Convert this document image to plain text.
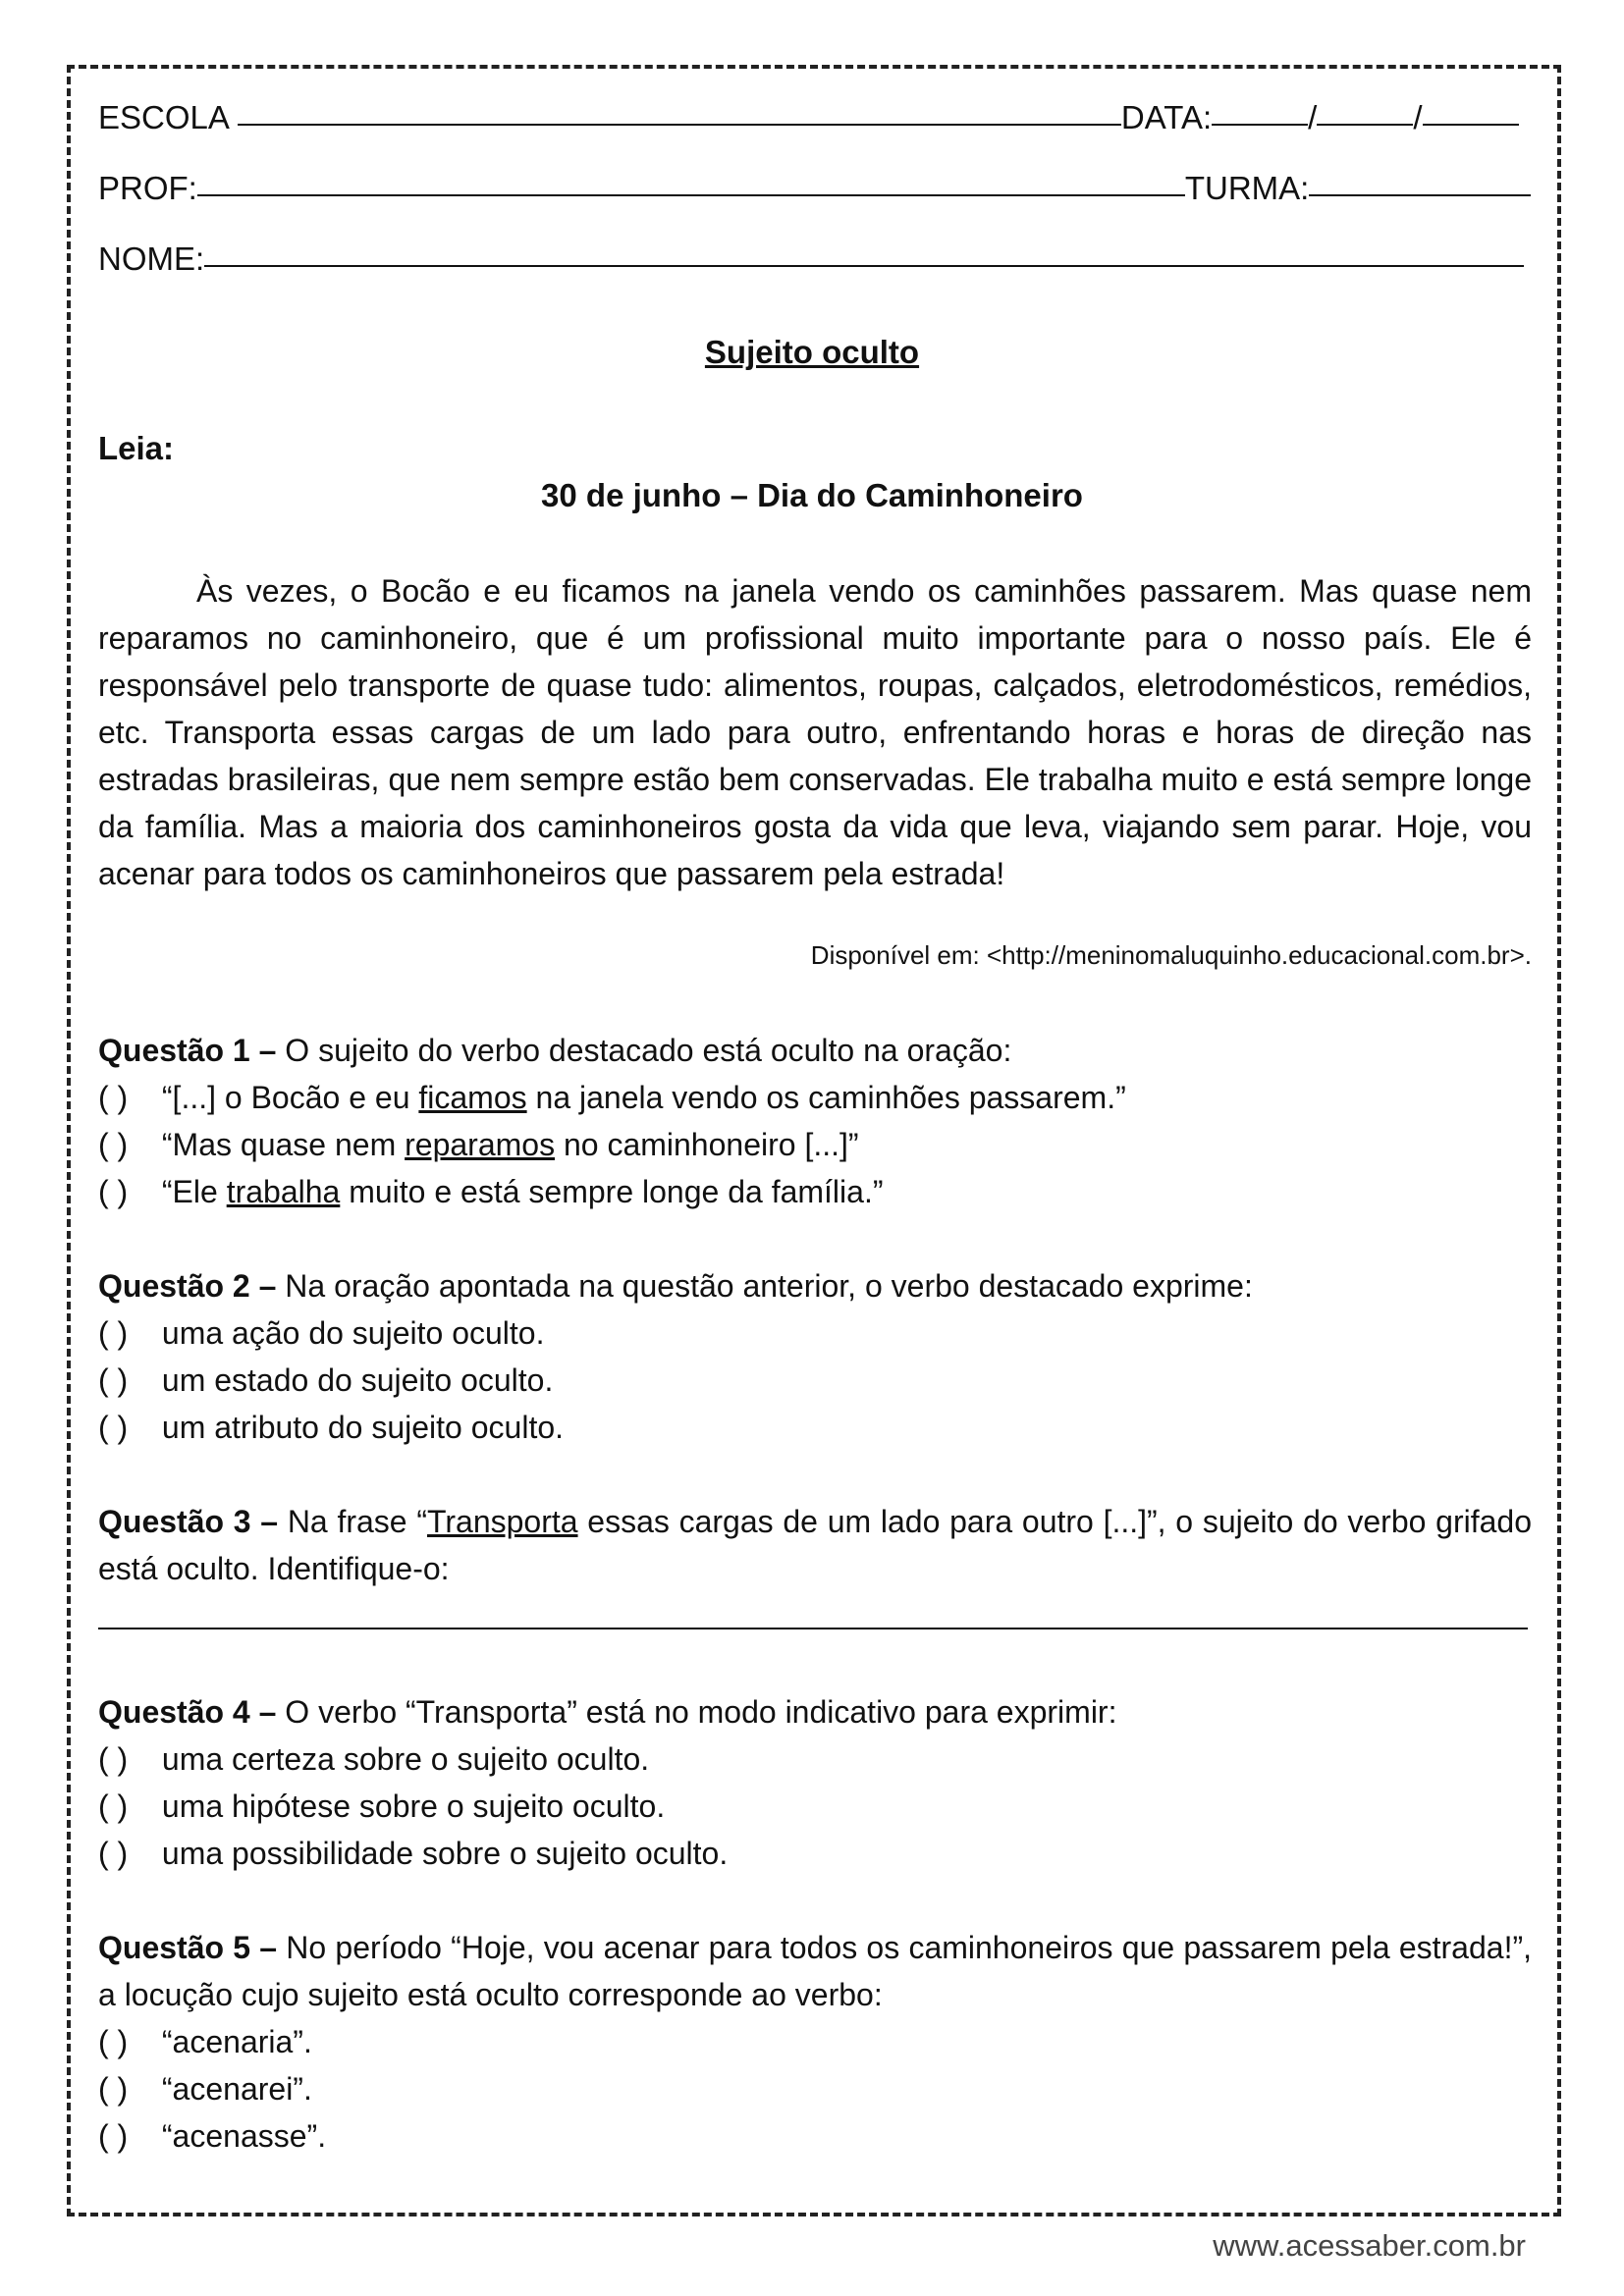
ESCOLA	DATA:	/	/
PROF:	TURMA:
NOME:
Sujeito oculto
Leia:
30 de junho – Dia do Caminhoneiro
Às vezes, o Bocão e eu ficamos na janela vendo os caminhões passarem. Mas quase nem reparamos no caminhoneiro, que é um profissional muito importante para o nosso país. Ele é responsável pelo transporte de quase tudo: alimentos, roupas, calçados, eletrodomésticos, remédios, etc. Transporta essas cargas de um lado para outro, enfrentando horas e horas de direção nas estradas brasileiras, que nem sempre estão bem conservadas. Ele trabalha muito e está sempre longe da família. Mas a maioria dos caminhoneiros gosta da vida que leva, viajando sem parar. Hoje, vou acenar para todos os caminhoneiros que passarem pela estrada!
Disponível em: <http://meninomaluquinho.educacional.com.br>.
Questão 1 – O sujeito do verbo destacado está oculto na oração:
( ) “[...] o Bocão e eu ficamos na janela vendo os caminhões passarem.”
( ) “Mas quase nem reparamos no caminhoneiro [...]”
( ) “Ele trabalha muito e está sempre longe da família.”
Questão 2 – Na oração apontada na questão anterior, o verbo destacado exprime:
( ) uma ação do sujeito oculto.
( ) um estado do sujeito oculto.
( ) um atributo do sujeito oculto.
Questão 3 – Na frase “Transporta essas cargas de um lado para outro [...]”, o sujeito do verbo grifado está oculto. Identifique-o:
Questão 4 – O verbo “Transporta” está no modo indicativo para exprimir:
( ) uma certeza sobre o sujeito oculto.
( ) uma hipótese sobre o sujeito oculto.
( ) uma possibilidade sobre o sujeito oculto.
Questão 5 – No período “Hoje, vou acenar para todos os caminhoneiros que passarem pela estrada!”, a locução cujo sujeito está oculto corresponde ao verbo:
( ) “acenaria”.
( ) “acenarei”.
( ) “acenasse”.
www.acessaber.com.br
